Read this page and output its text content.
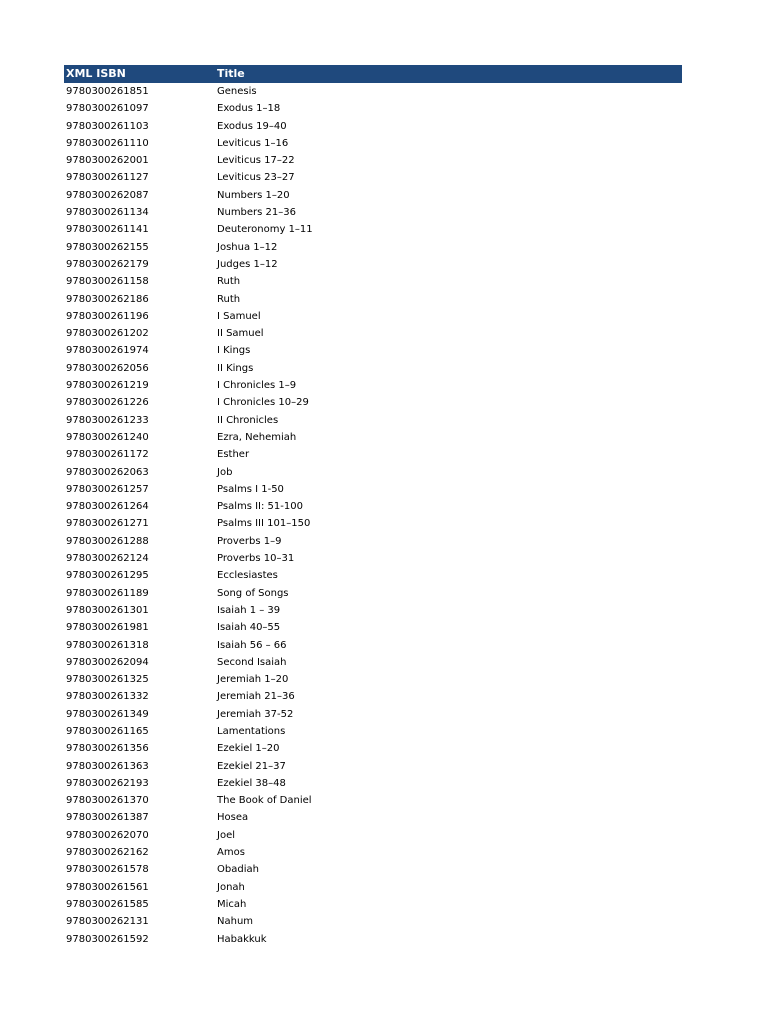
XML ISBN	Title
9780300261851	Genesis
9780300261097	Exodus 1–18
9780300261103	Exodus 19–40
9780300261110	Leviticus 1–16
9780300262001	Leviticus 17–22
9780300261127	Leviticus 23–27
9780300262087	Numbers 1–20
9780300261134	Numbers 21–36
9780300261141	Deuteronomy 1–11
9780300262155	Joshua 1–12
9780300262179	Judges 1–12
9780300261158	Ruth
9780300262186	Ruth
9780300261196	I Samuel
9780300261202	II Samuel
9780300261974	I Kings
9780300262056	II Kings
9780300261219	I Chronicles 1–9
9780300261226	I Chronicles 10–29
9780300261233	II Chronicles
9780300261240	Ezra, Nehemiah
9780300261172	Esther
9780300262063	Job
9780300261257	Psalms I 1-50
9780300261264	Psalms II: 51-100
9780300261271	Psalms III 101–150
9780300261288	Proverbs 1–9
9780300262124	Proverbs 10–31
9780300261295	Ecclesiastes
9780300261189	Song of Songs
9780300261301	Isaiah 1 – 39
9780300261981	Isaiah 40–55
9780300261318	Isaiah 56 – 66
9780300262094	Second Isaiah
9780300261325	Jeremiah 1–20
9780300261332	Jeremiah 21–36
9780300261349	Jeremiah 37-52
9780300261165	Lamentations
9780300261356	Ezekiel 1–20
9780300261363	Ezekiel 21–37
9780300262193	Ezekiel 38–48
9780300261370	The Book of Daniel
9780300261387	Hosea
9780300262070	Joel
9780300262162	Amos
9780300261578	Obadiah
9780300261561	Jonah
9780300261585	Micah
9780300262131	Nahum
9780300261592	Habakkuk
